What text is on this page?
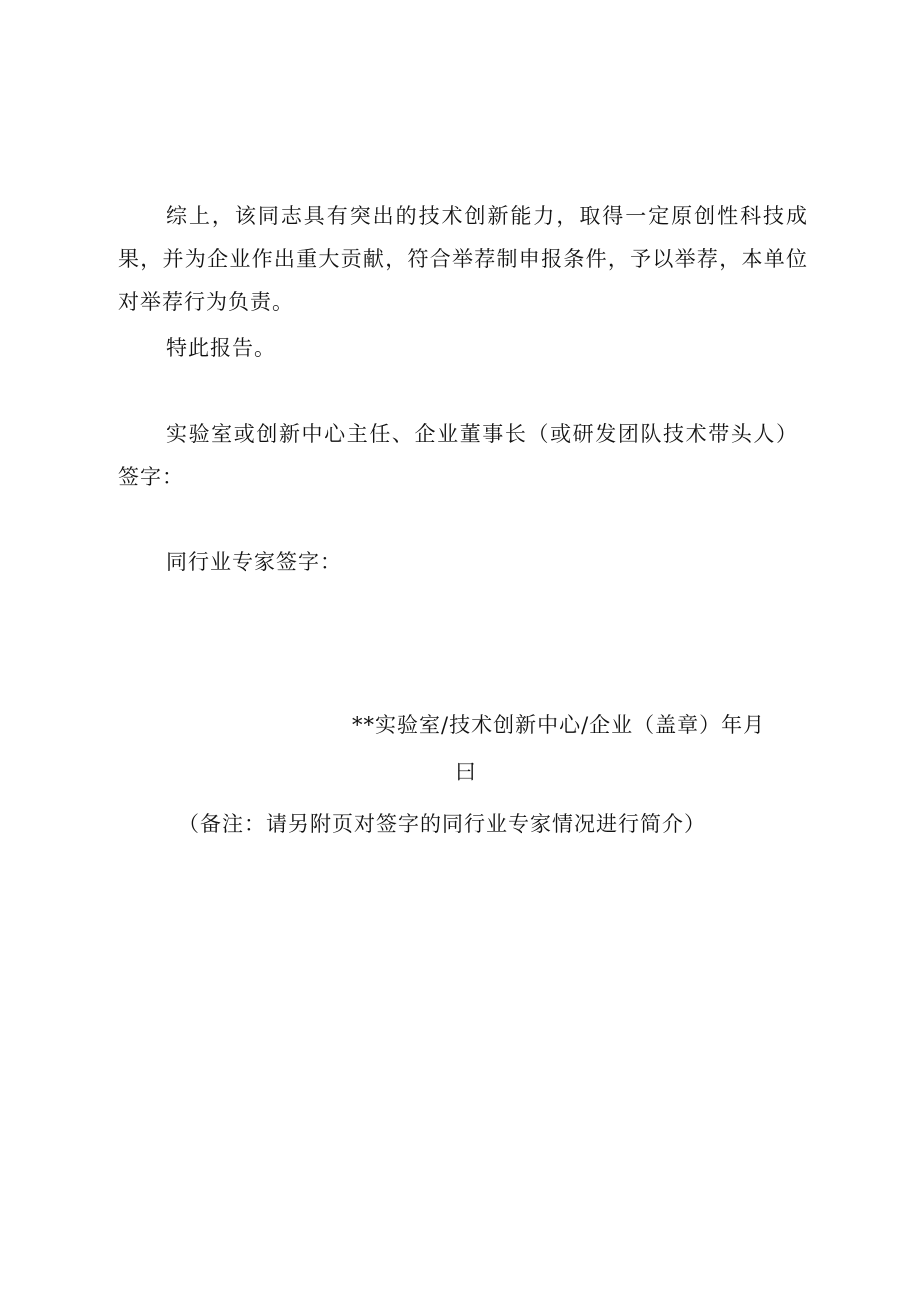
综上，该同志具有突出的技术创新能力，取得一定原创性科技成果，并为企业作出重大贡献，符合举荐制申报条件，予以举荐，本单位对举荐行为负责。

特此报告。

实验室或创新中心主任、企业董事长（或研发团队技术带头人）签字：

同行业专家签字：

**实验室/技术创新中心/企业（盖章）年月

曰

（备注：请另附页对签字的同行业专家情况进行简介）
